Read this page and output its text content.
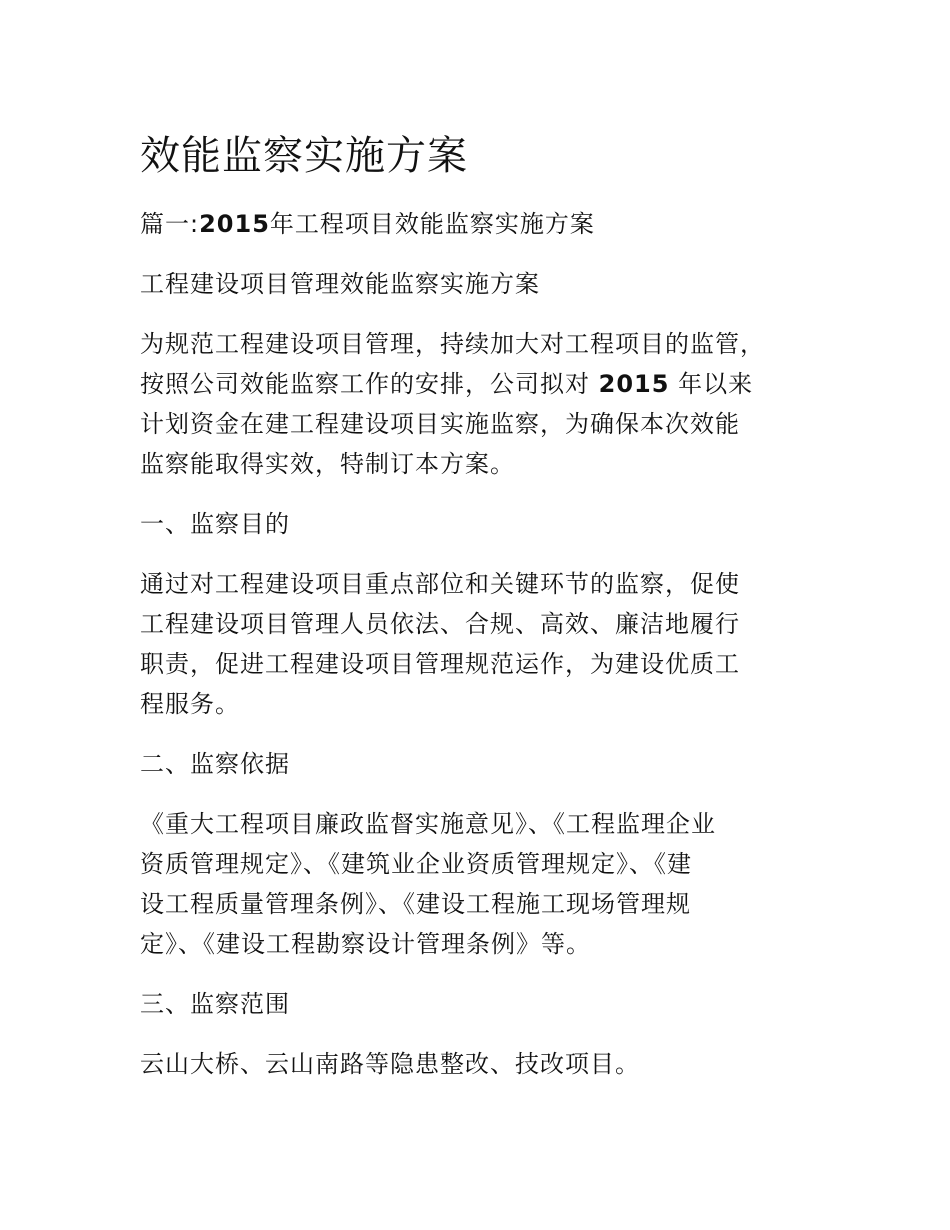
效能监察实施方案
篇一:2015年工程项目效能监察实施方案
工程建设项目管理效能监察实施方案
为规范工程建设项目管理，持续加大对工程项目的监管，
按照公司效能监察工作的安排，公司拟对 2015 年以来
计划资金在建工程建设项目实施监察，为确保本次效能
监察能取得实效，特制订本方案。
一、监察目的
通过对工程建设项目重点部位和关键环节的监察，促使
工程建设项目管理人员依法、合规、高效、廉洁地履行
职责，促进工程建设项目管理规范运作，为建设优质工
程服务。
二、监察依据
《重大工程项目廉政监督实施意见》、《工程监理企业
资质管理规定》、《建筑业企业资质管理规定》、《建
设工程质量管理条例》、《建设工程施工现场管理规
定》、《建设工程勘察设计管理条例》等。
三、监察范围
云山大桥、云山南路等隐患整改、技改项目。
